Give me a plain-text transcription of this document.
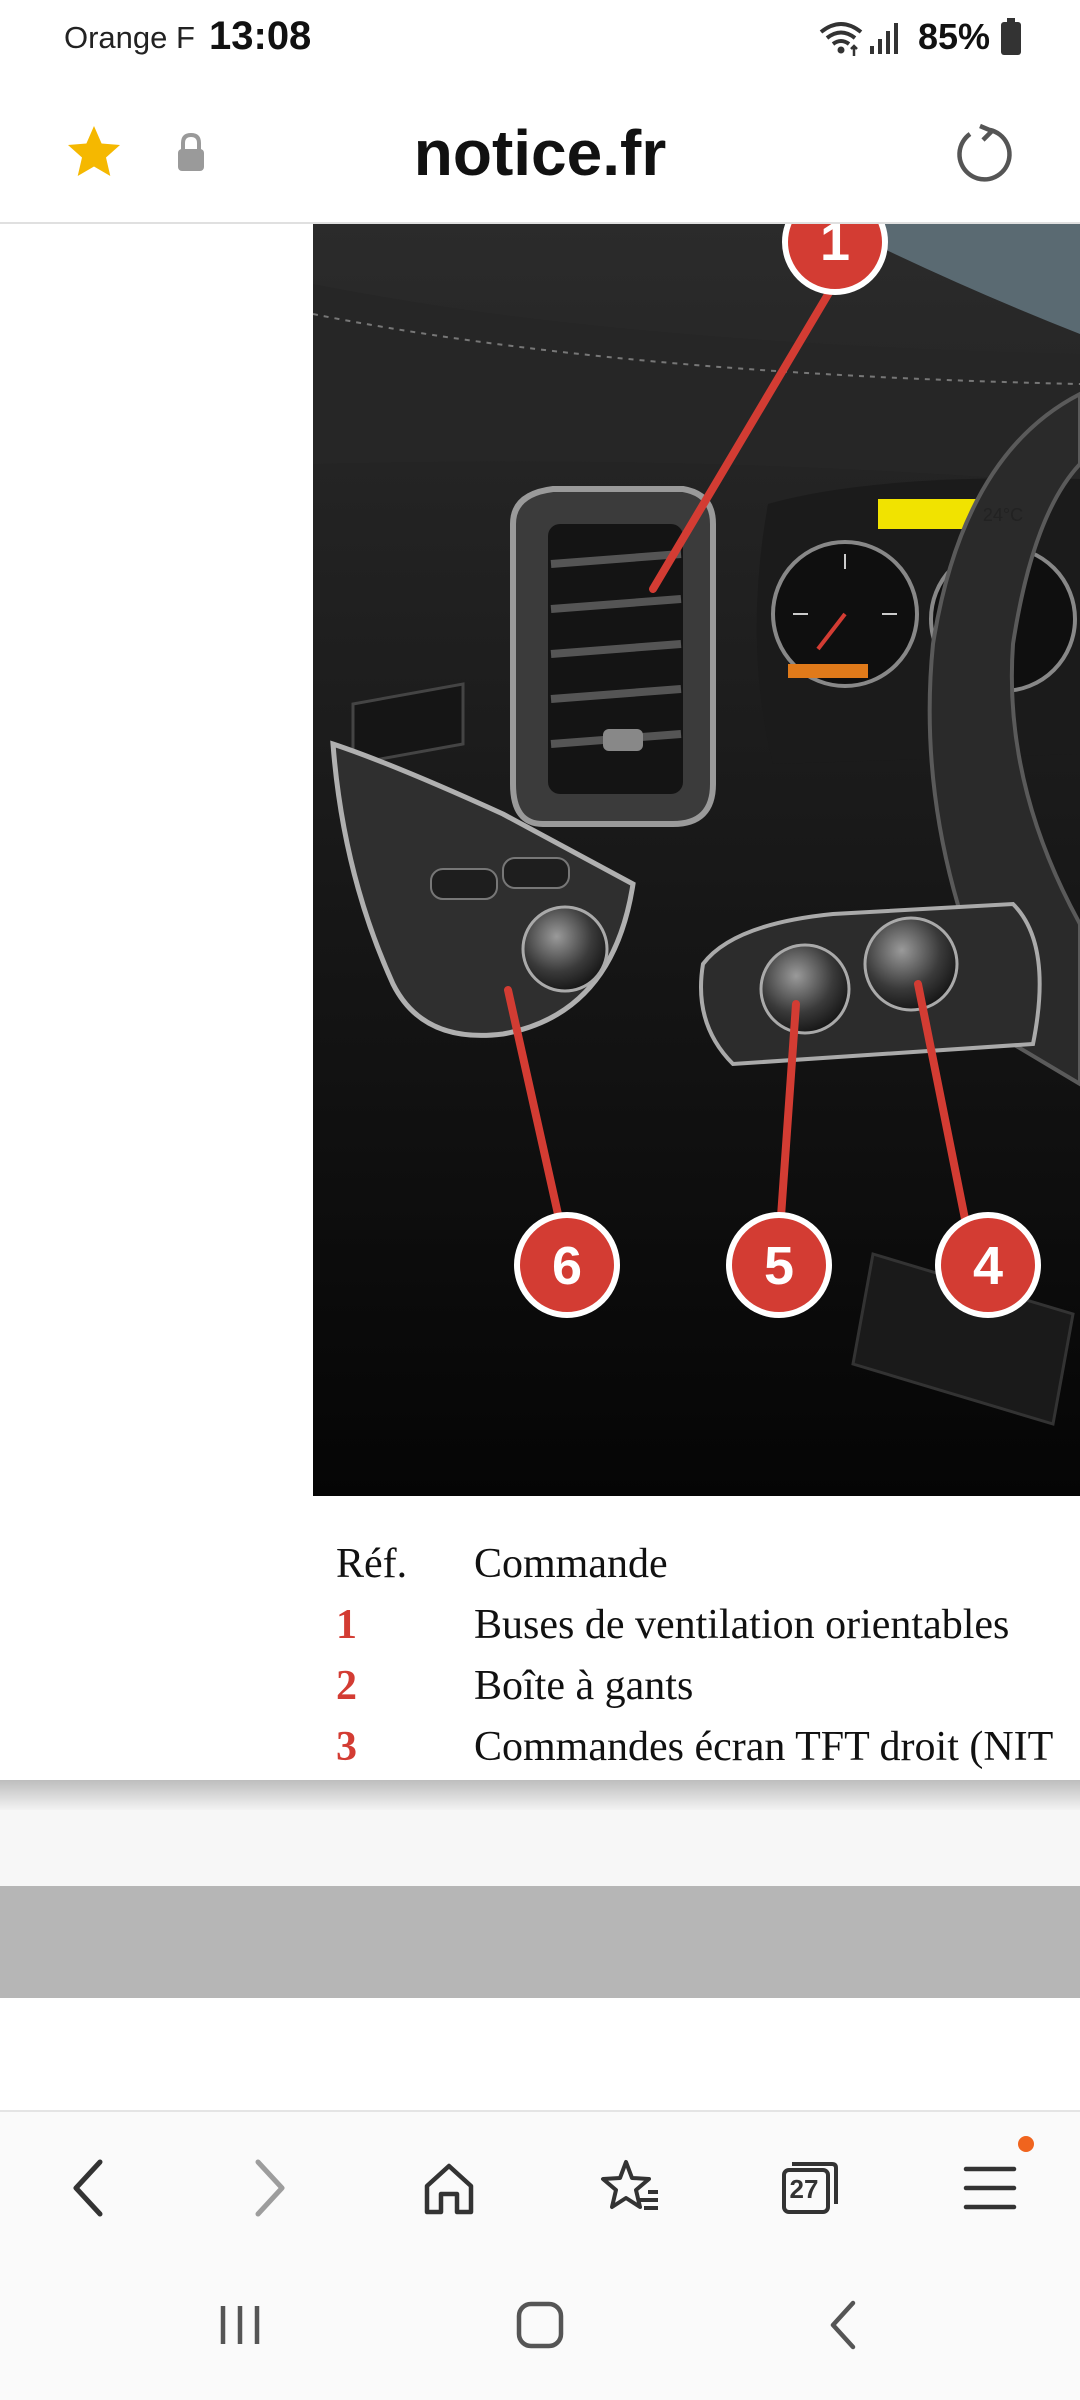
Orange F 13:08	85%
notice.fr
1
6	5	4
24°C
Réf. Commande
1	Buses de ventilation orientables
2	Boîte à gants
3	Commandes écran TFT droit (NIT
27
